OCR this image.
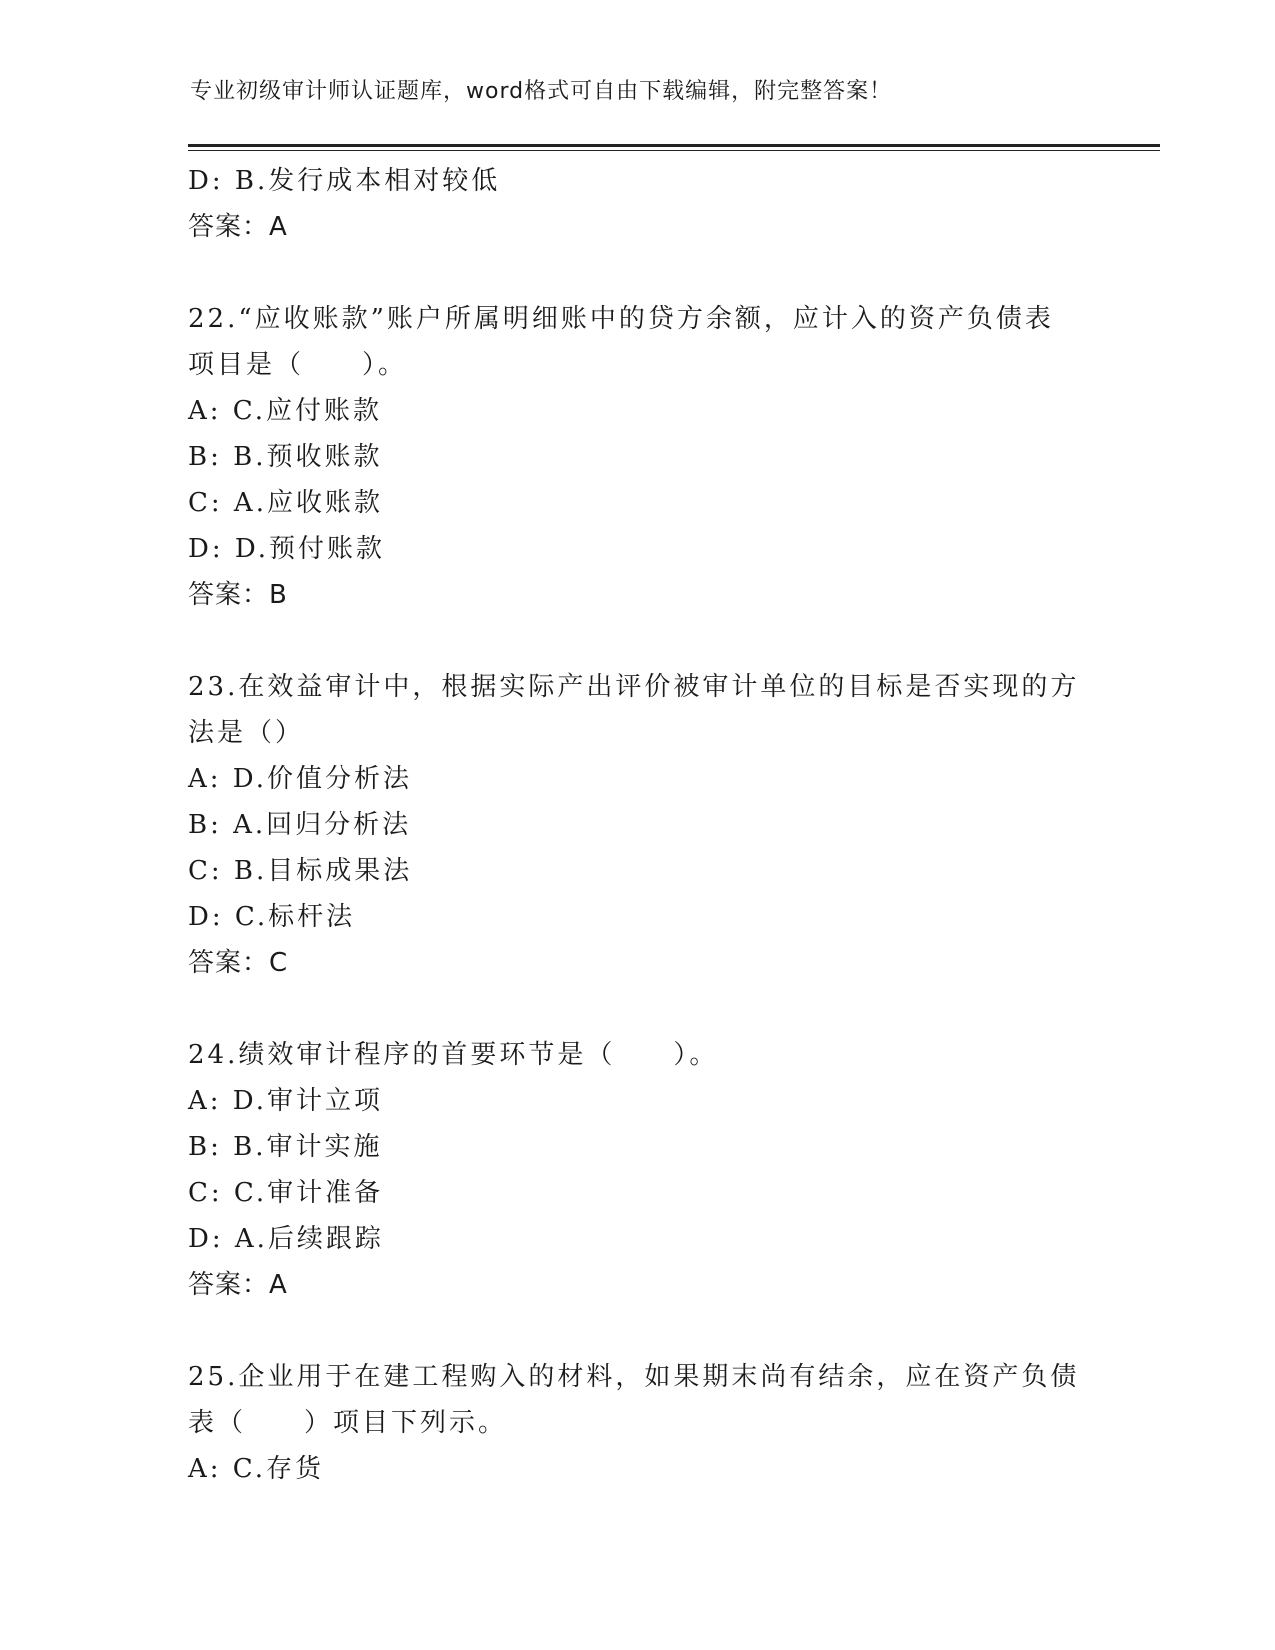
专业初级审计师认证题库，word格式可自由下载编辑，附完整答案！
D: B.发行成本相对较低
答案：A
22.“应收账款”账户所属明细账中的贷方余额，应计入的资产负债表
项目是（　　）。
A: C.应付账款
B: B.预收账款
C: A.应收账款
D: D.预付账款
答案：B
23.在效益审计中，根据实际产出评价被审计单位的目标是否实现的方
法是（）
A: D.价值分析法
B: A.回归分析法
C: B.目标成果法
D: C.标杆法
答案：C
24.绩效审计程序的首要环节是（　　）。
A: D.审计立项
B: B.审计实施
C: C.审计准备
D: A.后续跟踪
答案：A
25.企业用于在建工程购入的材料，如果期末尚有结余，应在资产负债
表（　　）项目下列示。
A: C.存货
